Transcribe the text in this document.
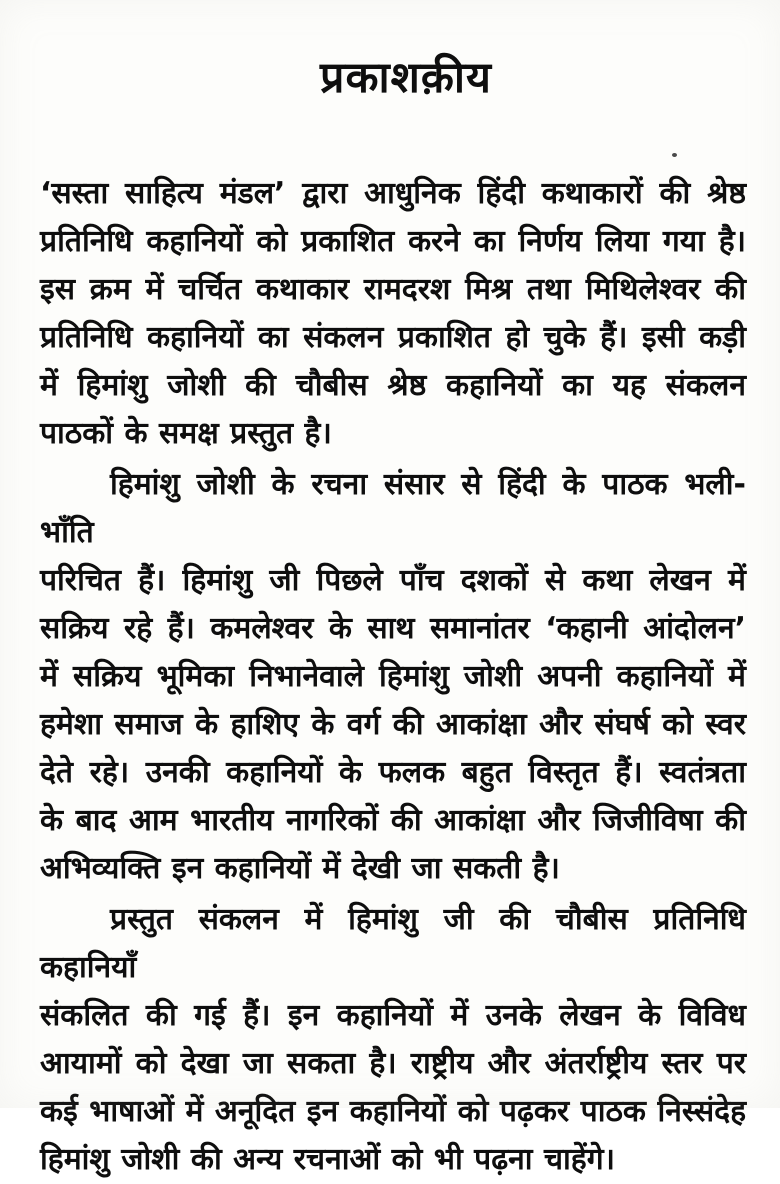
प्रकाशक़ीय
‘सस्ता साहित्य मंडल’ द्वारा आधुनिक हिंदी कथाकारों की श्रेष्ठ
प्रतिनिधि कहानियों को प्रकाशित करने का निर्णय लिया गया है।
इस क्रम में चर्चित कथाकार रामदरश मिश्र तथा मिथिलेश्वर की
प्रतिनिधि कहानियों का संकलन प्रकाशित हो चुके हैं। इसी कड़ी
में हिमांशु जोशी की चौबीस श्रेष्ठ कहानियों का यह संकलन
पाठकों के समक्ष प्रस्तुत है।
हिमांशु जोशी के रचना संसार से हिंदी के पाठक भली-भाँति
परिचित हैं। हिमांशु जी पिछले पाँच दशकों से कथा लेखन में
सक्रिय रहे हैं। कमलेश्वर के साथ समानांतर ‘कहानी आंदोलन’
में सक्रिय भूमिका निभानेवाले हिमांशु जोशी अपनी कहानियों में
हमेशा समाज के हाशिए के वर्ग की आकांक्षा और संघर्ष को स्वर
देते रहे। उनकी कहानियों के फलक बहुत विस्तृत हैं। स्वतंत्रता
के बाद आम भारतीय नागरिकों की आकांक्षा और जिजीविषा की
अभिव्यक्ति इन कहानियों में देखी जा सकती है।
प्रस्तुत संकलन में हिमांशु जी की चौबीस प्रतिनिधि कहानियाँ
संकलित की गई हैं। इन कहानियों में उनके लेखन के विविध
आयामों को देखा जा सकता है। राष्ट्रीय और अंतर्राष्ट्रीय स्तर पर
कई भाषाओं में अनूदित इन कहानियों को पढ़कर पाठक निस्संदेह
हिमांशु जोशी की अन्य रचनाओं को भी पढ़ना चाहेंगे।
